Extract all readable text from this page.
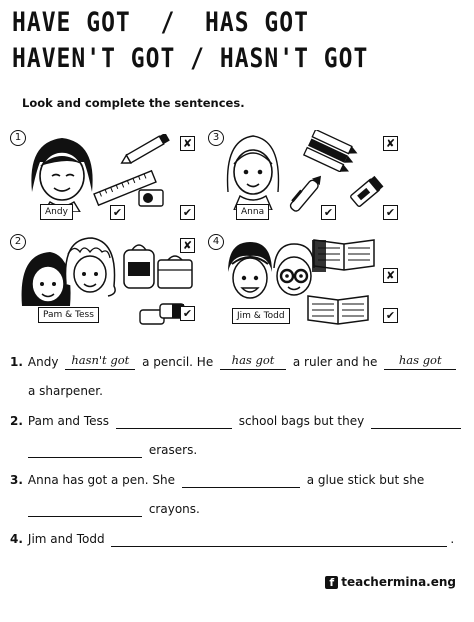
HAVE GOT  /  HAS GOT
HAVEN'T GOT / HASN'T GOT
Look and complete the sentences.
1
Andy
✘
✔	✔
3
Anna
✘
✔	✔
2
Pam & Tess
✘
✔
4
Jim & Todd
✘
✔
1. Andy hasn't got a pencil. He has got a ruler and he has got
a sharpener.
2. Pam and Tess	school bags but they
erasers.
3. Anna has got a pen. She	a glue stick but she
crayons.
4. Jim and Todd	.
f teachermina.eng
